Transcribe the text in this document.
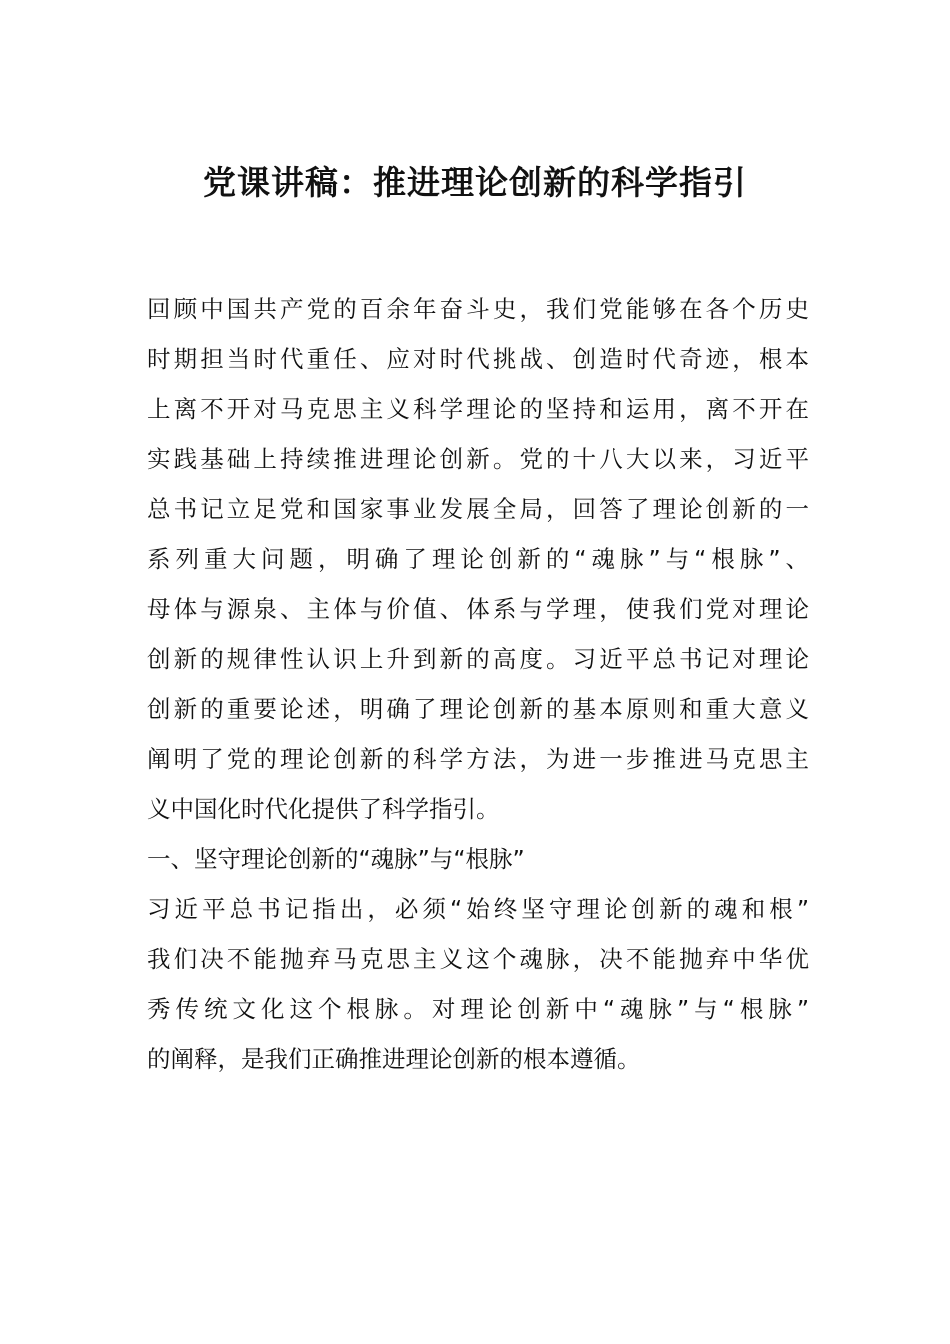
党课讲稿：推进理论创新的科学指引
回顾中国共产党的百余年奋斗史，我们党能够在各个历史
时期担当时代重任、应对时代挑战、创造时代奇迹，根本
上离不开对马克思主义科学理论的坚持和运用，离不开在
实践基础上持续推进理论创新。党的十八大以来，习近平
总书记立足党和国家事业发展全局，回答了理论创新的一
系列重大问题，明确了理论创新的“魂脉”与“根脉”、
母体与源泉、主体与价值、体系与学理，使我们党对理论
创新的规律性认识上升到新的高度。习近平总书记对理论
创新的重要论述，明确了理论创新的基本原则和重大意义
阐明了党的理论创新的科学方法，为进一步推进马克思主
义中国化时代化提供了科学指引。
一、坚守理论创新的“魂脉”与“根脉”
习近平总书记指出，必须“始终坚守理论创新的魂和根”
我们决不能抛弃马克思主义这个魂脉，决不能抛弃中华优
秀传统文化这个根脉。对理论创新中“魂脉”与“根脉”
的阐释，是我们正确推进理论创新的根本遵循。
